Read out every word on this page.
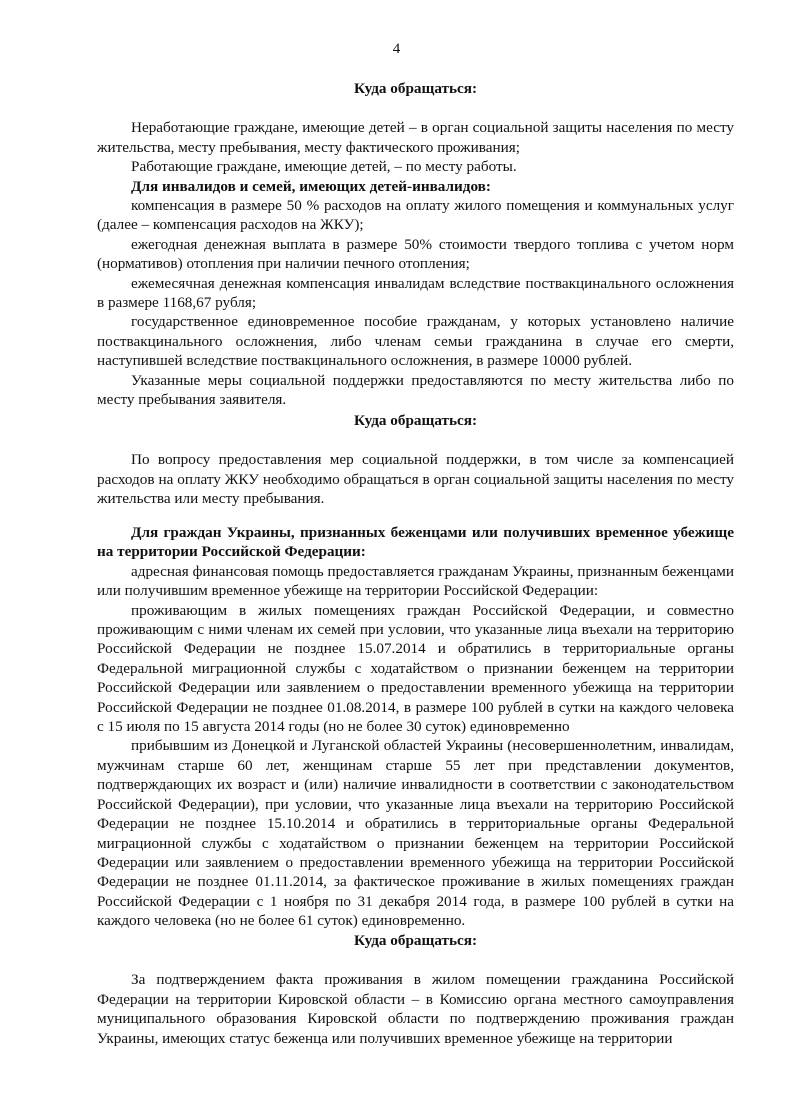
4

Куда обращаться:

Неработающие граждане, имеющие детей – в орган социальной защиты населения по месту жительства, месту пребывания, месту фактического проживания;

Работающие граждане, имеющие детей, – по месту работы.

Для инвалидов и семей, имеющих детей-инвалидов:

компенсация в размере 50 % расходов на оплату жилого помещения и коммунальных услуг (далее – компенсация расходов на ЖКУ);

ежегодная денежная выплата в размере 50% стоимости твердого топлива с учетом норм (нормативов) отопления при наличии печного отопления;

ежемесячная денежная компенсация инвалидам вследствие поствакцинального осложнения в размере 1168,67 рубля;

государственное единовременное пособие гражданам, у которых установлено наличие поствакцинального осложнения, либо членам семьи гражданина в случае его смерти, наступившей вследствие поствакцинального осложнения, в размере 10000 рублей.

Указанные меры социальной поддержки предоставляются по месту жительства либо по месту пребывания заявителя.

Куда обращаться:

По вопросу предоставления мер социальной поддержки, в том числе за компенсацией расходов на оплату ЖКУ необходимо обращаться в орган социальной защиты населения по месту жительства или месту пребывания.

Для граждан Украины, признанных беженцами или получивших временное убежище на территории Российской Федерации:

адресная финансовая помощь предоставляется гражданам Украины, признанным беженцами или получившим временное убежище на территории Российской Федерации:

проживающим в жилых помещениях граждан Российской Федерации, и совместно проживающим с ними членам их семей при условии, что указанные лица въехали на территорию Российской Федерации не позднее 15.07.2014 и обратились в территориальные органы Федеральной миграционной службы с ходатайством о признании беженцем на территории Российской Федерации или заявлением о предоставлении временного убежища на территории Российской Федерации не позднее 01.08.2014, в размере 100 рублей в сутки на каждого человека с 15 июля по 15 августа 2014 годы (но не более 30 суток) единовременно

прибывшим из Донецкой и Луганской областей Украины (несовершеннолетним, инвалидам, мужчинам старше 60 лет, женщинам старше 55 лет при представлении документов, подтверждающих их возраст и (или) наличие инвалидности в соответствии с законодательством Российской Федерации), при условии, что указанные лица въехали на территорию Российской Федерации не позднее 15.10.2014 и обратились в территориальные органы Федеральной миграционной службы с ходатайством о признании беженцем на территории Российской Федерации или заявлением о предоставлении временного убежища на территории Российской Федерации не позднее 01.11.2014, за фактическое проживание в жилых помещениях граждан Российской Федерации с 1 ноября по 31 декабря 2014 года, в размере 100 рублей в сутки на каждого человека (но не более 61 суток) единовременно.

Куда обращаться:

За подтверждением факта проживания в жилом помещении гражданина Российской Федерации на территории Кировской области – в Комиссию органа местного самоуправления муниципального образования Кировской области по подтверждению проживания граждан Украины, имеющих статус беженца или получивших временное убежище на территории
